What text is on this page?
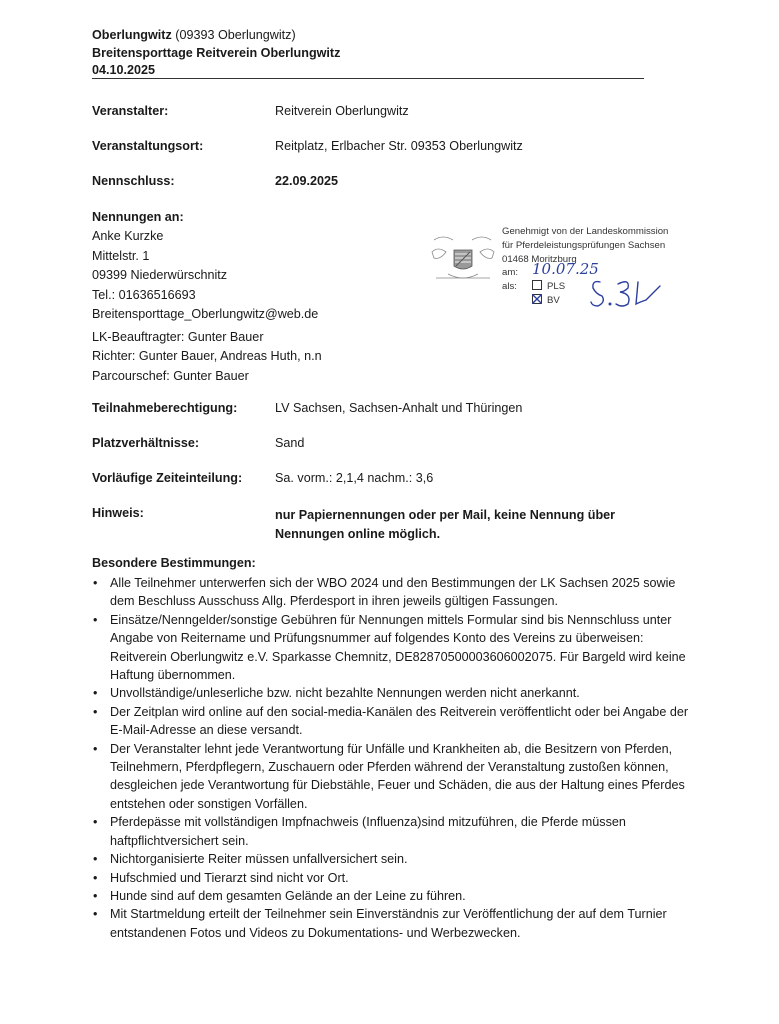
Oberlungwitz (09393 Oberlungwitz)
Breitensporttage Reitverein Oberlungwitz
04.10.2025
Veranstalter:	Reitverein Oberlungwitz
Veranstaltungsort:	Reitplatz, Erlbacher Str. 09353 Oberlungwitz
Nennschluss:	22.09.2025
Nennungen an:
Anke Kurzke
Mittelstr. 1
09399 Niederwürschnitz
Tel.: 01636516693
Breitensporttage_Oberlungwitz@web.de
Genehmigt von der Landeskommission
für Pferdeleistungsprüfungen Sachsen
01468 Moritzburg
am: 10.07.25
als:	PLS
BV
LK-Beauftragter: Gunter Bauer
Richter: Gunter Bauer, Andreas Huth, n.n
Parcourschef: Gunter Bauer
Teilnahmeberechtigung:	LV Sachsen, Sachsen-Anhalt und Thüringen
Platzverhältnisse:	Sand
Vorläufige Zeiteinteilung:	Sa. vorm.: 2,1,4 nachm.: 3,6
Hinweis:	nur Papiernennungen oder per Mail, keine Nennung über Nennungen online möglich.
Besondere Bestimmungen:
• Alle Teilnehmer unterwerfen sich der WBO 2024 und den Bestimmungen der LK Sachsen 2025 sowie dem Beschluss Ausschuss Allg. Pferdesport in ihren jeweils gültigen Fassungen.
• Einsätze/Nenngelder/sonstige Gebühren für Nennungen mittels Formular sind bis Nennschluss unter Angabe von Reitername und Prüfungsnummer auf folgendes Konto des Vereins zu überweisen: Reitverein Oberlungwitz e.V. Sparkasse Chemnitz, DE82870500003606002075. Für Bargeld wird keine Haftung übernommen.
• Unvollständige/unleserliche bzw. nicht bezahlte Nennungen werden nicht anerkannt.
• Der Zeitplan wird online auf den social-media-Kanälen des Reitverein veröffentlicht oder bei Angabe der E-Mail-Adresse an diese versandt.
• Der Veranstalter lehnt jede Verantwortung für Unfälle und Krankheiten ab, die Besitzern von Pferden, Teilnehmern, Pferdpflegern, Zuschauern oder Pferden während der Veranstaltung zustoßen können, desgleichen jede Verantwortung für Diebstähle, Feuer und Schäden, die aus der Haltung eines Pferdes entstehen oder sonstigen Vorfällen.
• Pferdepässe mit vollständigen Impfnachweis (Influenza)sind mitzuführen, die Pferde müssen haftpflichtversichert sein.
• Nichtorganisierte Reiter müssen unfallversichert sein.
• Hufschmied und Tierarzt sind nicht vor Ort.
• Hunde sind auf dem gesamten Gelände an der Leine zu führen.
• Mit Startmeldung erteilt der Teilnehmer sein Einverständnis zur Veröffentlichung der auf dem Turnier entstandenen Fotos und Videos zu Dokumentations- und Werbezwecken.
